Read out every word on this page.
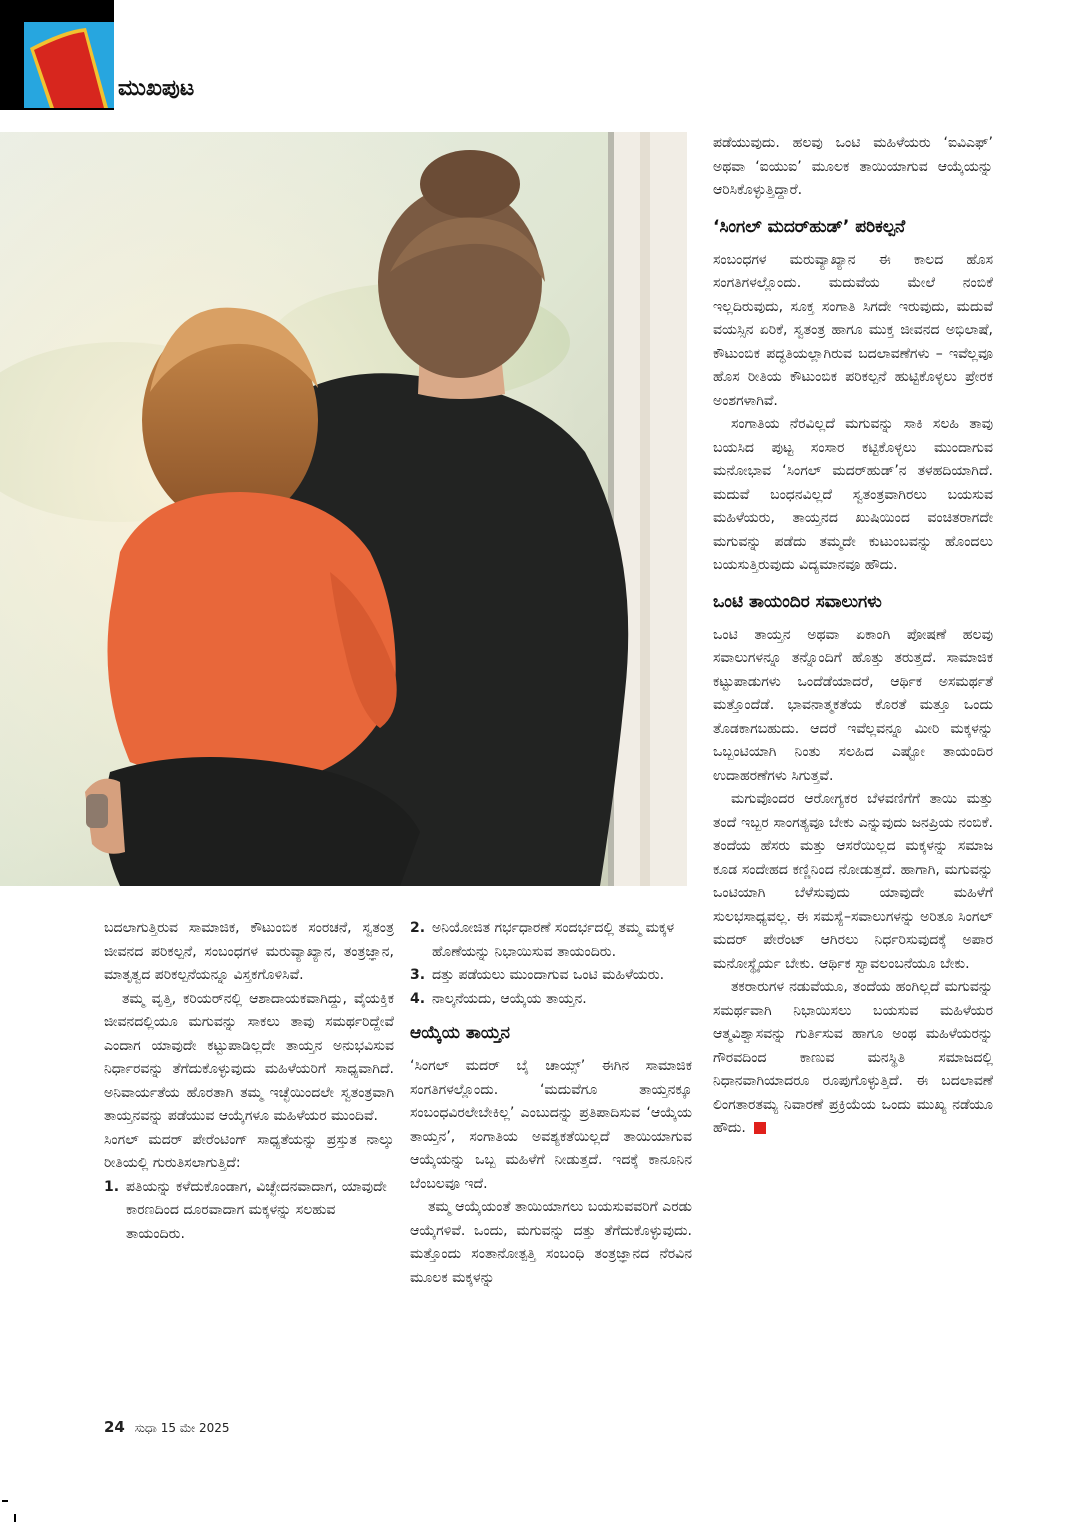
ಮುಖಪುಟ

ಪಡೆಯುವುದು. ಹಲವು ಒಂಟಿ ಮಹಿಳೆಯರು ‘ಐವಿಎಫ್’ ಅಥವಾ ‘ಐಯುಐ’ ಮೂಲಕ ತಾಯಿಯಾಗುವ ಆಯ್ಕೆಯನ್ನು ಆರಿಸಿಕೊಳ್ಳುತ್ತಿದ್ದಾರೆ.

‘ಸಿಂಗಲ್ ಮದರ್‌ಹುಡ್’ ಪರಿಕಲ್ಪನೆ

ಸಂಬಂಧಗಳ ಮರುವ್ಯಾಖ್ಯಾನ ಈ ಕಾಲದ ಹೊಸ ಸಂಗತಿಗಳಲ್ಲೊಂದು. ಮದುವೆಯ ಮೇಲೆ ನಂಬಿಕೆ ಇಲ್ಲದಿರುವುದು, ಸೂಕ್ತ ಸಂಗಾತಿ ಸಿಗದೇ ಇರುವುದು, ಮದುವೆ ವಯಸ್ಸಿನ ಏರಿಕೆ, ಸ್ವತಂತ್ರ ಹಾಗೂ ಮುಕ್ತ ಜೀವನದ ಅಭಿಲಾಷೆ, ಕೌಟುಂಬಿಕ ಪದ್ಧತಿಯಲ್ಲಾಗಿರುವ ಬದಲಾವಣೆಗಳು – ಇವೆಲ್ಲವೂ ಹೊಸ ರೀತಿಯ ಕೌಟುಂಬಿಕ ಪರಿಕಲ್ಪನೆ ಹುಟ್ಟಿಕೊಳ್ಳಲು ಪ್ರೇರಕ ಅಂಶಗಳಾಗಿವೆ.

ಸಂಗಾತಿಯ ನೆರವಿಲ್ಲದೆ ಮಗುವನ್ನು ಸಾಕಿ ಸಲಹಿ ತಾವು ಬಯಸಿದ ಪುಟ್ಟ ಸಂಸಾರ ಕಟ್ಟಿಕೊಳ್ಳಲು ಮುಂದಾಗುವ ಮನೋಭಾವ ‘ಸಿಂಗಲ್ ಮದರ್‌ಹುಡ್’ನ ತಳಹದಿಯಾಗಿದೆ. ಮದುವೆ ಬಂಧನವಿಲ್ಲದೆ ಸ್ವತಂತ್ರವಾಗಿರಲು ಬಯಸುವ ಮಹಿಳೆಯರು, ತಾಯ್ತನದ ಖುಷಿಯಿಂದ ವಂಚಿತರಾಗದೇ ಮಗುವನ್ನು ಪಡೆದು ತಮ್ಮದೇ ಕುಟುಂಬವನ್ನು ಹೊಂದಲು ಬಯಸುತ್ತಿರುವುದು ವಿದ್ಯಮಾನವೂ ಹೌದು.

ಒಂಟಿ ತಾಯಂದಿರ ಸವಾಲುಗಳು

ಒಂಟಿ ತಾಯ್ತನ ಅಥವಾ ಏಕಾಂಗಿ ಪೋಷಣೆ ಹಲವು ಸವಾಲುಗಳನ್ನೂ ತನ್ನೊಂದಿಗೆ ಹೊತ್ತು ತರುತ್ತದೆ. ಸಾಮಾಜಿಕ ಕಟ್ಟುಪಾಡುಗಳು ಒಂದೆಡೆಯಾದರೆ, ಆರ್ಥಿಕ ಅಸಮರ್ಥತೆ ಮತ್ತೊಂದೆಡೆ. ಭಾವನಾತ್ಮಕತೆಯ ಕೊರತೆ ಮತ್ತೂ ಒಂದು ತೊಡಕಾಗಬಹುದು. ಆದರೆ ಇವೆಲ್ಲವನ್ನೂ ಮೀರಿ ಮಕ್ಕಳನ್ನು ಒಬ್ಬಂಟಿಯಾಗಿ ನಿಂತು ಸಲಹಿದ ಎಷ್ಟೋ ತಾಯಂದಿರ ಉದಾಹರಣೆಗಳು ಸಿಗುತ್ತವೆ.

ಮಗುವೊಂದರ ಆರೋಗ್ಯಕರ ಬೆಳವಣಿಗೆಗೆ ತಾಯಿ ಮತ್ತು ತಂದೆ ಇಬ್ಬರ ಸಾಂಗತ್ಯವೂ ಬೇಕು ಎನ್ನುವುದು ಜನಪ್ರಿಯ ನಂಬಿಕೆ. ತಂದೆಯ ಹೆಸರು ಮತ್ತು ಆಸರೆಯಿಲ್ಲದ ಮಕ್ಕಳನ್ನು ಸಮಾಜ ಕೂಡ ಸಂದೇಹದ ಕಣ್ಣಿನಿಂದ ನೋಡುತ್ತದೆ. ಹಾಗಾಗಿ, ಮಗುವನ್ನು ಒಂಟಿಯಾಗಿ ಬೆಳೆಸುವುದು ಯಾವುದೇ ಮಹಿಳೆಗೆ ಸುಲಭಸಾಧ್ಯವಲ್ಲ. ಈ ಸಮಸ್ಯೆ–ಸವಾಲುಗಳನ್ನು ಅರಿತೂ ಸಿಂಗಲ್ ಮದರ್ ಪೇರೆಂಟ್ ಆಗಿರಲು ನಿರ್ಧರಿಸುವುದಕ್ಕೆ ಅಪಾರ ಮನೋಸ್ಥೈರ್ಯ ಬೇಕು. ಆರ್ಥಿಕ ಸ್ವಾವಲಂಬನೆಯೂ ಬೇಕು.

ತಕರಾರುಗಳ ನಡುವೆಯೂ, ತಂದೆಯ ಹಂಗಿಲ್ಲದೆ ಮಗುವನ್ನು ಸಮರ್ಥವಾಗಿ ನಿಭಾಯಿಸಲು ಬಯಸುವ ಮಹಿಳೆಯರ ಆತ್ಮವಿಶ್ವಾಸವನ್ನು ಗುರ್ತಿಸುವ ಹಾಗೂ ಅಂಥ ಮಹಿಳೆಯರನ್ನು ಗೌರವದಿಂದ ಕಾಣುವ ಮನಸ್ಥಿತಿ ಸಮಾಜದಲ್ಲಿ ನಿಧಾನವಾಗಿಯಾದರೂ ರೂಪುಗೊಳ್ಳುತ್ತಿದೆ. ಈ ಬದಲಾವಣೆ ಲಿಂಗತಾರತಮ್ಯ ನಿವಾರಣೆ ಪ್ರಕ್ರಿಯೆಯ ಒಂದು ಮುಖ್ಯ ನಡೆಯೂ ಹೌದು.

ಬದಲಾಗುತ್ತಿರುವ ಸಾಮಾಜಿಕ, ಕೌಟುಂಬಿಕ ಸಂರಚನೆ, ಸ್ವತಂತ್ರ ಜೀವನದ ಪರಿಕಲ್ಪನೆ, ಸಂಬಂಧಗಳ ಮರುವ್ಯಾಖ್ಯಾನ, ತಂತ್ರಜ್ಞಾನ, ಮಾತೃತ್ವದ ಪರಿಕಲ್ಪನೆಯನ್ನೂ ವಿಸ್ತಕಗೊಳಿಸಿವೆ.

ತಮ್ಮ ವೃತ್ತಿ, ಕರಿಯರ್‌ನಲ್ಲಿ ಆಶಾದಾಯಕವಾಗಿದ್ದು, ವೈಯಕ್ತಿಕ ಜೀವನದಲ್ಲಿಯೂ ಮಗುವನ್ನು ಸಾಕಲು ತಾವು ಸಮರ್ಥರಿದ್ದೇವೆ ಎಂದಾಗ ಯಾವುದೇ ಕಟ್ಟುಪಾಡಿಲ್ಲದೇ ತಾಯ್ತನ ಅನುಭವಿಸುವ ನಿರ್ಧಾರವನ್ನು ತೆಗೆದುಕೊಳ್ಳುವುದು ಮಹಿಳೆಯರಿಗೆ ಸಾಧ್ಯವಾಗಿದೆ. ಅನಿವಾರ್ಯತೆಯ ಹೊರತಾಗಿ ತಮ್ಮ ಇಚ್ಛೆಯಿಂದಲೇ ಸ್ವತಂತ್ರವಾಗಿ ತಾಯ್ತನವನ್ನು ಪಡೆಯುವ ಆಯ್ಕೆಗಳೂ ಮಹಿಳೆಯರ ಮುಂದಿವೆ.

ಸಿಂಗಲ್ ಮದರ್ ಪೇರೆಂಟಿಂಗ್ ಸಾಧ್ಯತೆಯನ್ನು ಪ್ರಸ್ತುತ ನಾಲ್ಕು ರೀತಿಯಲ್ಲಿ ಗುರುತಿಸಲಾಗುತ್ತಿದೆ:

1. ಪತಿಯನ್ನು ಕಳೆದುಕೊಂಡಾಗ, ವಿಚ್ಛೇದನವಾದಾಗ, ಯಾವುದೇ ಕಾರಣದಿಂದ ದೂರವಾದಾಗ ಮಕ್ಕಳನ್ನು ಸಲಹುವ ತಾಯಂದಿರು.
2. ಅನಿಯೋಜಿತ ಗರ್ಭಧಾರಣೆ ಸಂದರ್ಭದಲ್ಲಿ ತಮ್ಮ ಮಕ್ಕಳ ಹೊಣೆಯನ್ನು ನಿಭಾಯಿಸುವ ತಾಯಂದಿರು.
3. ದತ್ತು ಪಡೆಯಲು ಮುಂದಾಗುವ ಒಂಟಿ ಮಹಿಳೆಯರು.
4. ನಾಲ್ಕನೆಯದು, ಆಯ್ಕೆಯ ತಾಯ್ತನ.
ಆಯ್ಕೆಯ ತಾಯ್ತನ

‘ಸಿಂಗಲ್ ಮದರ್ ಬೈ ಚಾಯ್ಸ್’ ಈಗಿನ ಸಾಮಾಜಿಕ ಸಂಗತಿಗಳಲ್ಲೊಂದು. ‘ಮದುವೆಗೂ ತಾಯ್ತನಕ್ಕೂ ಸಂಬಂಧವಿರಲೇಬೇಕಿಲ್ಲ’ ಎಂಬುದನ್ನು ಪ್ರತಿಪಾದಿಸುವ ‘ಆಯ್ಕೆಯ ತಾಯ್ತನ’, ಸಂಗಾತಿಯ ಅವಶ್ಯಕತೆಯಿಲ್ಲದೆ ತಾಯಿಯಾಗುವ ಆಯ್ಕೆಯನ್ನು ಒಬ್ಬ ಮಹಿಳೆಗೆ ನೀಡುತ್ತದೆ. ಇದಕ್ಕೆ ಕಾನೂನಿನ ಬೆಂಬಲವೂ ಇದೆ.

ತಮ್ಮ ಆಯ್ಕೆಯಂತೆ ತಾಯಿಯಾಗಲು ಬಯಸುವವರಿಗೆ ಎರಡು ಆಯ್ಕೆಗಳಿವೆ. ಒಂದು, ಮಗುವನ್ನು ದತ್ತು ತೆಗೆದುಕೊಳ್ಳುವುದು. ಮತ್ತೊಂದು ಸಂತಾನೋತ್ಪತ್ತಿ ಸಂಬಂಧಿ ತಂತ್ರಜ್ಞಾನದ ನೆರವಿನ ಮೂಲಕ ಮಕ್ಕಳನ್ನು

24 ಸುಧಾ 15 ಮೇ 2025
